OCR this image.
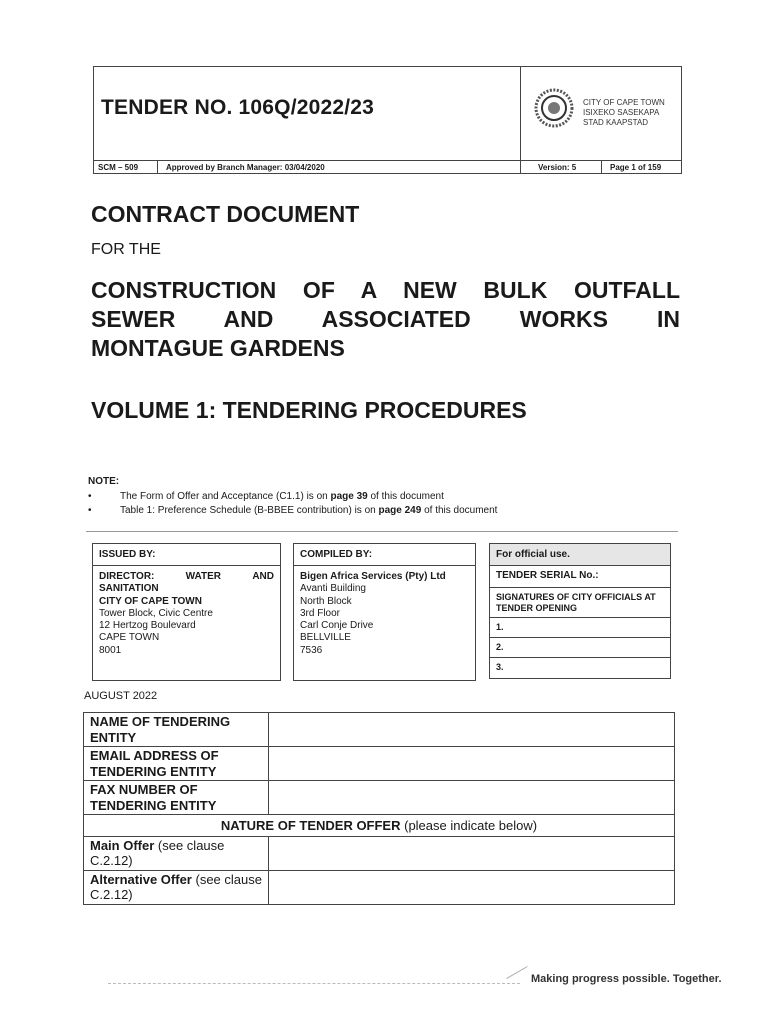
TENDER NO. 106Q/2022/23	CITY OF CAPE TOWN
ISIXEKO SASEKAPA
STAD KAAPSTAD
SCM – 509	Approved by Branch Manager: 03/04/2020	Version: 5	Page 1 of 159
CONTRACT DOCUMENT
FOR THE
CONSTRUCTION OF A NEW BULK OUTFALL
SEWER AND ASSOCIATED WORKS IN
MONTAGUE GARDENS
VOLUME 1: TENDERING PROCEDURES
NOTE:
•	The Form of Offer and Acceptance (C1.1) is on page 39 of this document
•	Table 1: Preference Schedule (B-BBEE contribution) is on page 249 of this document
ISSUED BY:
DIRECTOR:	WATER	AND
SANITATION
CITY OF CAPE TOWN
Tower Block, Civic Centre
12 Hertzog Boulevard
CAPE TOWN
8001
COMPILED BY:
Bigen Africa Services (Pty) Ltd
Avanti Building
North Block
3rd Floor
Carl Conje Drive
BELLVILLE
7536
For official use.
TENDER SERIAL No.:
SIGNATURES OF CITY OFFICIALS AT TENDER OPENING
1.
2.
3.
AUGUST 2022
NAME OF TENDERING ENTITY	
EMAIL ADDRESS OF TENDERING ENTITY	
FAX NUMBER OF TENDERING ENTITY	
NATURE OF TENDER OFFER (please indicate below)	
Main Offer (see clause C.2.12)	
Alternative Offer (see clause C.2.12)	
Making progress possible. Together.
